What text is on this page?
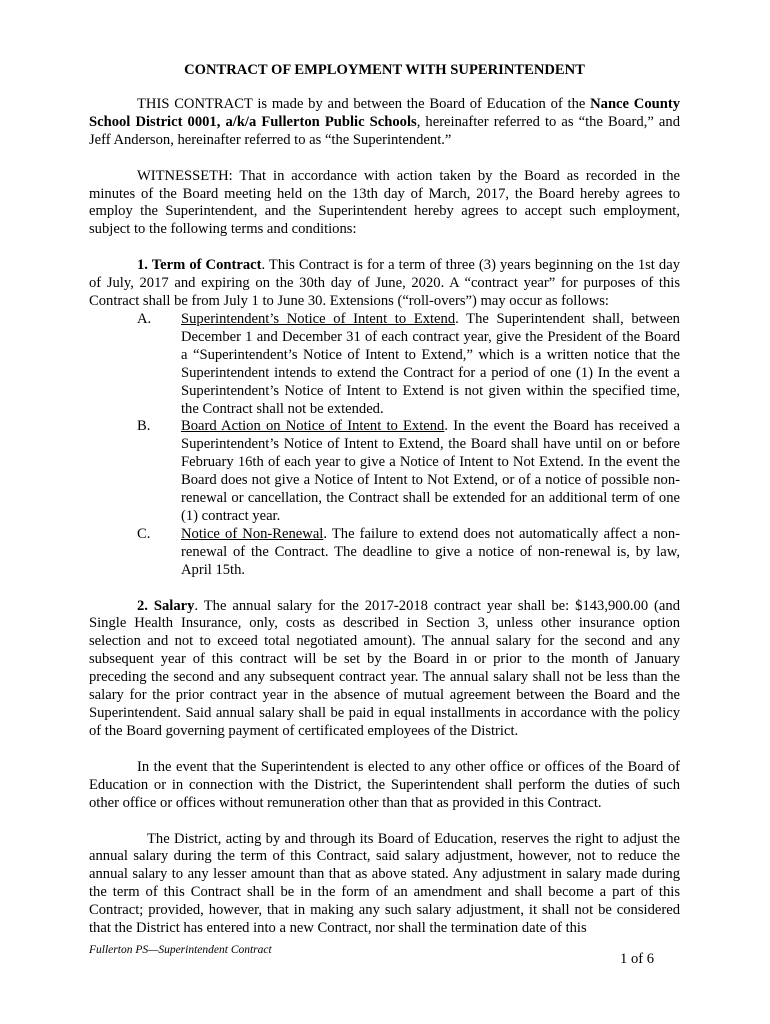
CONTRACT OF EMPLOYMENT WITH SUPERINTENDENT

THIS CONTRACT is made by and between the Board of Education of the Nance County School District 0001, a/k/a Fullerton Public Schools, hereinafter referred to as “the Board,” and Jeff Anderson, hereinafter referred to as “the Superintendent.”

WITNESSETH: That in accordance with action taken by the Board as recorded in the minutes of the Board meeting held on the 13th day of March, 2017, the Board hereby agrees to employ the Superintendent, and the Superintendent hereby agrees to accept such employment, subject to the following terms and conditions:

1. Term of Contract. This Contract is for a term of three (3) years beginning on the 1st day of July, 2017 and expiring on the 30th day of June, 2020. A “contract year” for purposes of this Contract shall be from July 1 to June 30. Extensions (“roll-overs”) may occur as follows:

A.	Superintendent’s Notice of Intent to Extend. The Superintendent shall, between December 1 and December 31 of each contract year, give the President of the Board a “Superintendent’s Notice of Intent to Extend,” which is a written notice that the Superintendent intends to extend the Contract for a period of one (1) In the event a Superintendent’s Notice of Intent to Extend is not given within the specified time, the Contract shall not be extended.
B.	Board Action on Notice of Intent to Extend. In the event the Board has received a Superintendent’s Notice of Intent to Extend, the Board shall have until on or before February 16th of each year to give a Notice of Intent to Not Extend. In the event the Board does not give a Notice of Intent to Not Extend, or of a notice of possible non-renewal or cancellation, the Contract shall be extended for an additional term of one (1) contract year.
C.	Notice of Non-Renewal. The failure to extend does not automatically affect a non-renewal of the Contract. The deadline to give a notice of non-renewal is, by law, April 15th.

2. Salary. The annual salary for the 2017-2018 contract year shall be: $143,900.00 (and Single Health Insurance, only, costs as described in Section 3, unless other insurance option selection and not to exceed total negotiated amount). The annual salary for the second and any subsequent year of this contract will be set by the Board in or prior to the month of January preceding the second and any subsequent contract year. The annual salary shall not be less than the salary for the prior contract year in the absence of mutual agreement between the Board and the Superintendent. Said annual salary shall be paid in equal installments in accordance with the policy of the Board governing payment of certificated employees of the District.

In the event that the Superintendent is elected to any other office or offices of the Board of Education or in connection with the District, the Superintendent shall perform the duties of such other office or offices without remuneration other than that as provided in this Contract.

The District, acting by and through its Board of Education, reserves the right to adjust the annual salary during the term of this Contract, said salary adjustment, however, not to reduce the annual salary to any lesser amount than that as above stated. Any adjustment in salary made during the term of this Contract shall be in the form of an amendment and shall become a part of this Contract; provided, however, that in making any such salary adjustment, it shall not be considered that the District has entered into a new Contract, nor shall the termination date of this

Fullerton PS—Superintendent Contract
1 of 6
